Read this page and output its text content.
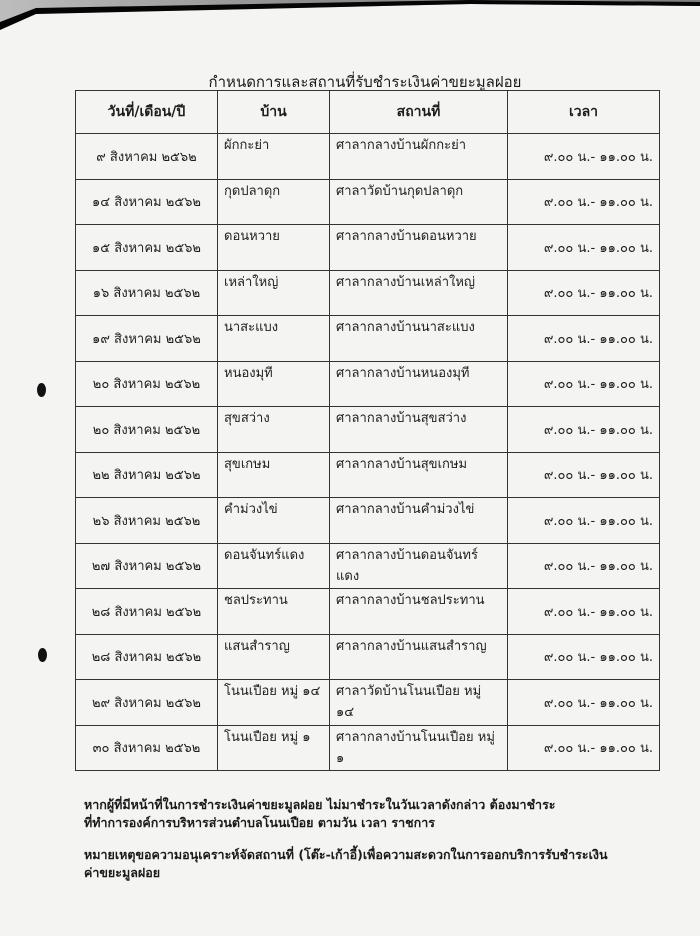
กำหนดการและสถานที่รับชำระเงินค่าขยะมูลฝอย
วันที่/เดือน/ปี	บ้าน	สถานที่	เวลา
๙ สิงหาคม ๒๕๖๒	ผักกะย่า	ศาลากลางบ้านผักกะย่า	๙.๐๐ น.- ๑๑.๐๐ น.
๑๔ สิงหาคม ๒๕๖๒	กุดปลาดุก	ศาลาวัดบ้านกุดปลาดุก	๙.๐๐ น.- ๑๑.๐๐ น.
๑๕ สิงหาคม ๒๕๖๒	ดอนหวาย	ศาลากลางบ้านดอนหวาย	๙.๐๐ น.- ๑๑.๐๐ น.
๑๖ สิงหาคม ๒๕๖๒	เหล่าใหญ่	ศาลากลางบ้านเหล่าใหญ่	๙.๐๐ น.- ๑๑.๐๐ น.
๑๙ สิงหาคม ๒๕๖๒	นาสะแบง	ศาลากลางบ้านนาสะแบง	๙.๐๐ น.- ๑๑.๐๐ น.
๒๐ สิงหาคม ๒๕๖๒	หนองมุที	ศาลากลางบ้านหนองมุที	๙.๐๐ น.- ๑๑.๐๐ น.
๒๐ สิงหาคม ๒๕๖๒	สุขสว่าง	ศาลากลางบ้านสุขสว่าง	๙.๐๐ น.- ๑๑.๐๐ น.
๒๒ สิงหาคม ๒๕๖๒	สุขเกษม	ศาลากลางบ้านสุขเกษม	๙.๐๐ น.- ๑๑.๐๐ น.
๒๖ สิงหาคม ๒๕๖๒	คำม่วงไข่	ศาลากลางบ้านคำม่วงไข่	๙.๐๐ น.- ๑๑.๐๐ น.
๒๗ สิงหาคม ๒๕๖๒	ดอนจันทร์แดง	ศาลากลางบ้านดอนจันทร์แดง	๙.๐๐ น.- ๑๑.๐๐ น.
๒๘ สิงหาคม ๒๕๖๒	ชลประทาน	ศาลากลางบ้านชลประทาน	๙.๐๐ น.- ๑๑.๐๐ น.
๒๘ สิงหาคม ๒๕๖๒	แสนสำราญ	ศาลากลางบ้านแสนสำราญ	๙.๐๐ น.- ๑๑.๐๐ น.
๒๙ สิงหาคม ๒๕๖๒	โนนเปือย หมู่ ๑๔	ศาลาวัดบ้านโนนเปือย หมู่ ๑๔	๙.๐๐ น.- ๑๑.๐๐ น.
๓๐ สิงหาคม ๒๕๖๒	โนนเปือย หมู่ ๑	ศาลากลางบ้านโนนเปือย หมู่ ๑	๙.๐๐ น.- ๑๑.๐๐ น.
หากผู้ที่มีหน้าที่ในการชำระเงินค่าขยะมูลฝอย ไม่มาชำระในวันเวลาดังกล่าว ต้องมาชำระ
ที่ทำการองค์การบริหารส่วนตำบลโนนเปือย ตามวัน เวลา ราชการ
หมายเหตุขอความอนุเคราะห์จัดสถานที่ (โต๊ะ-เก้าอี้)เพื่อความสะดวกในการออกบริการรับชำระเงิน
ค่าขยะมูลฝอย
